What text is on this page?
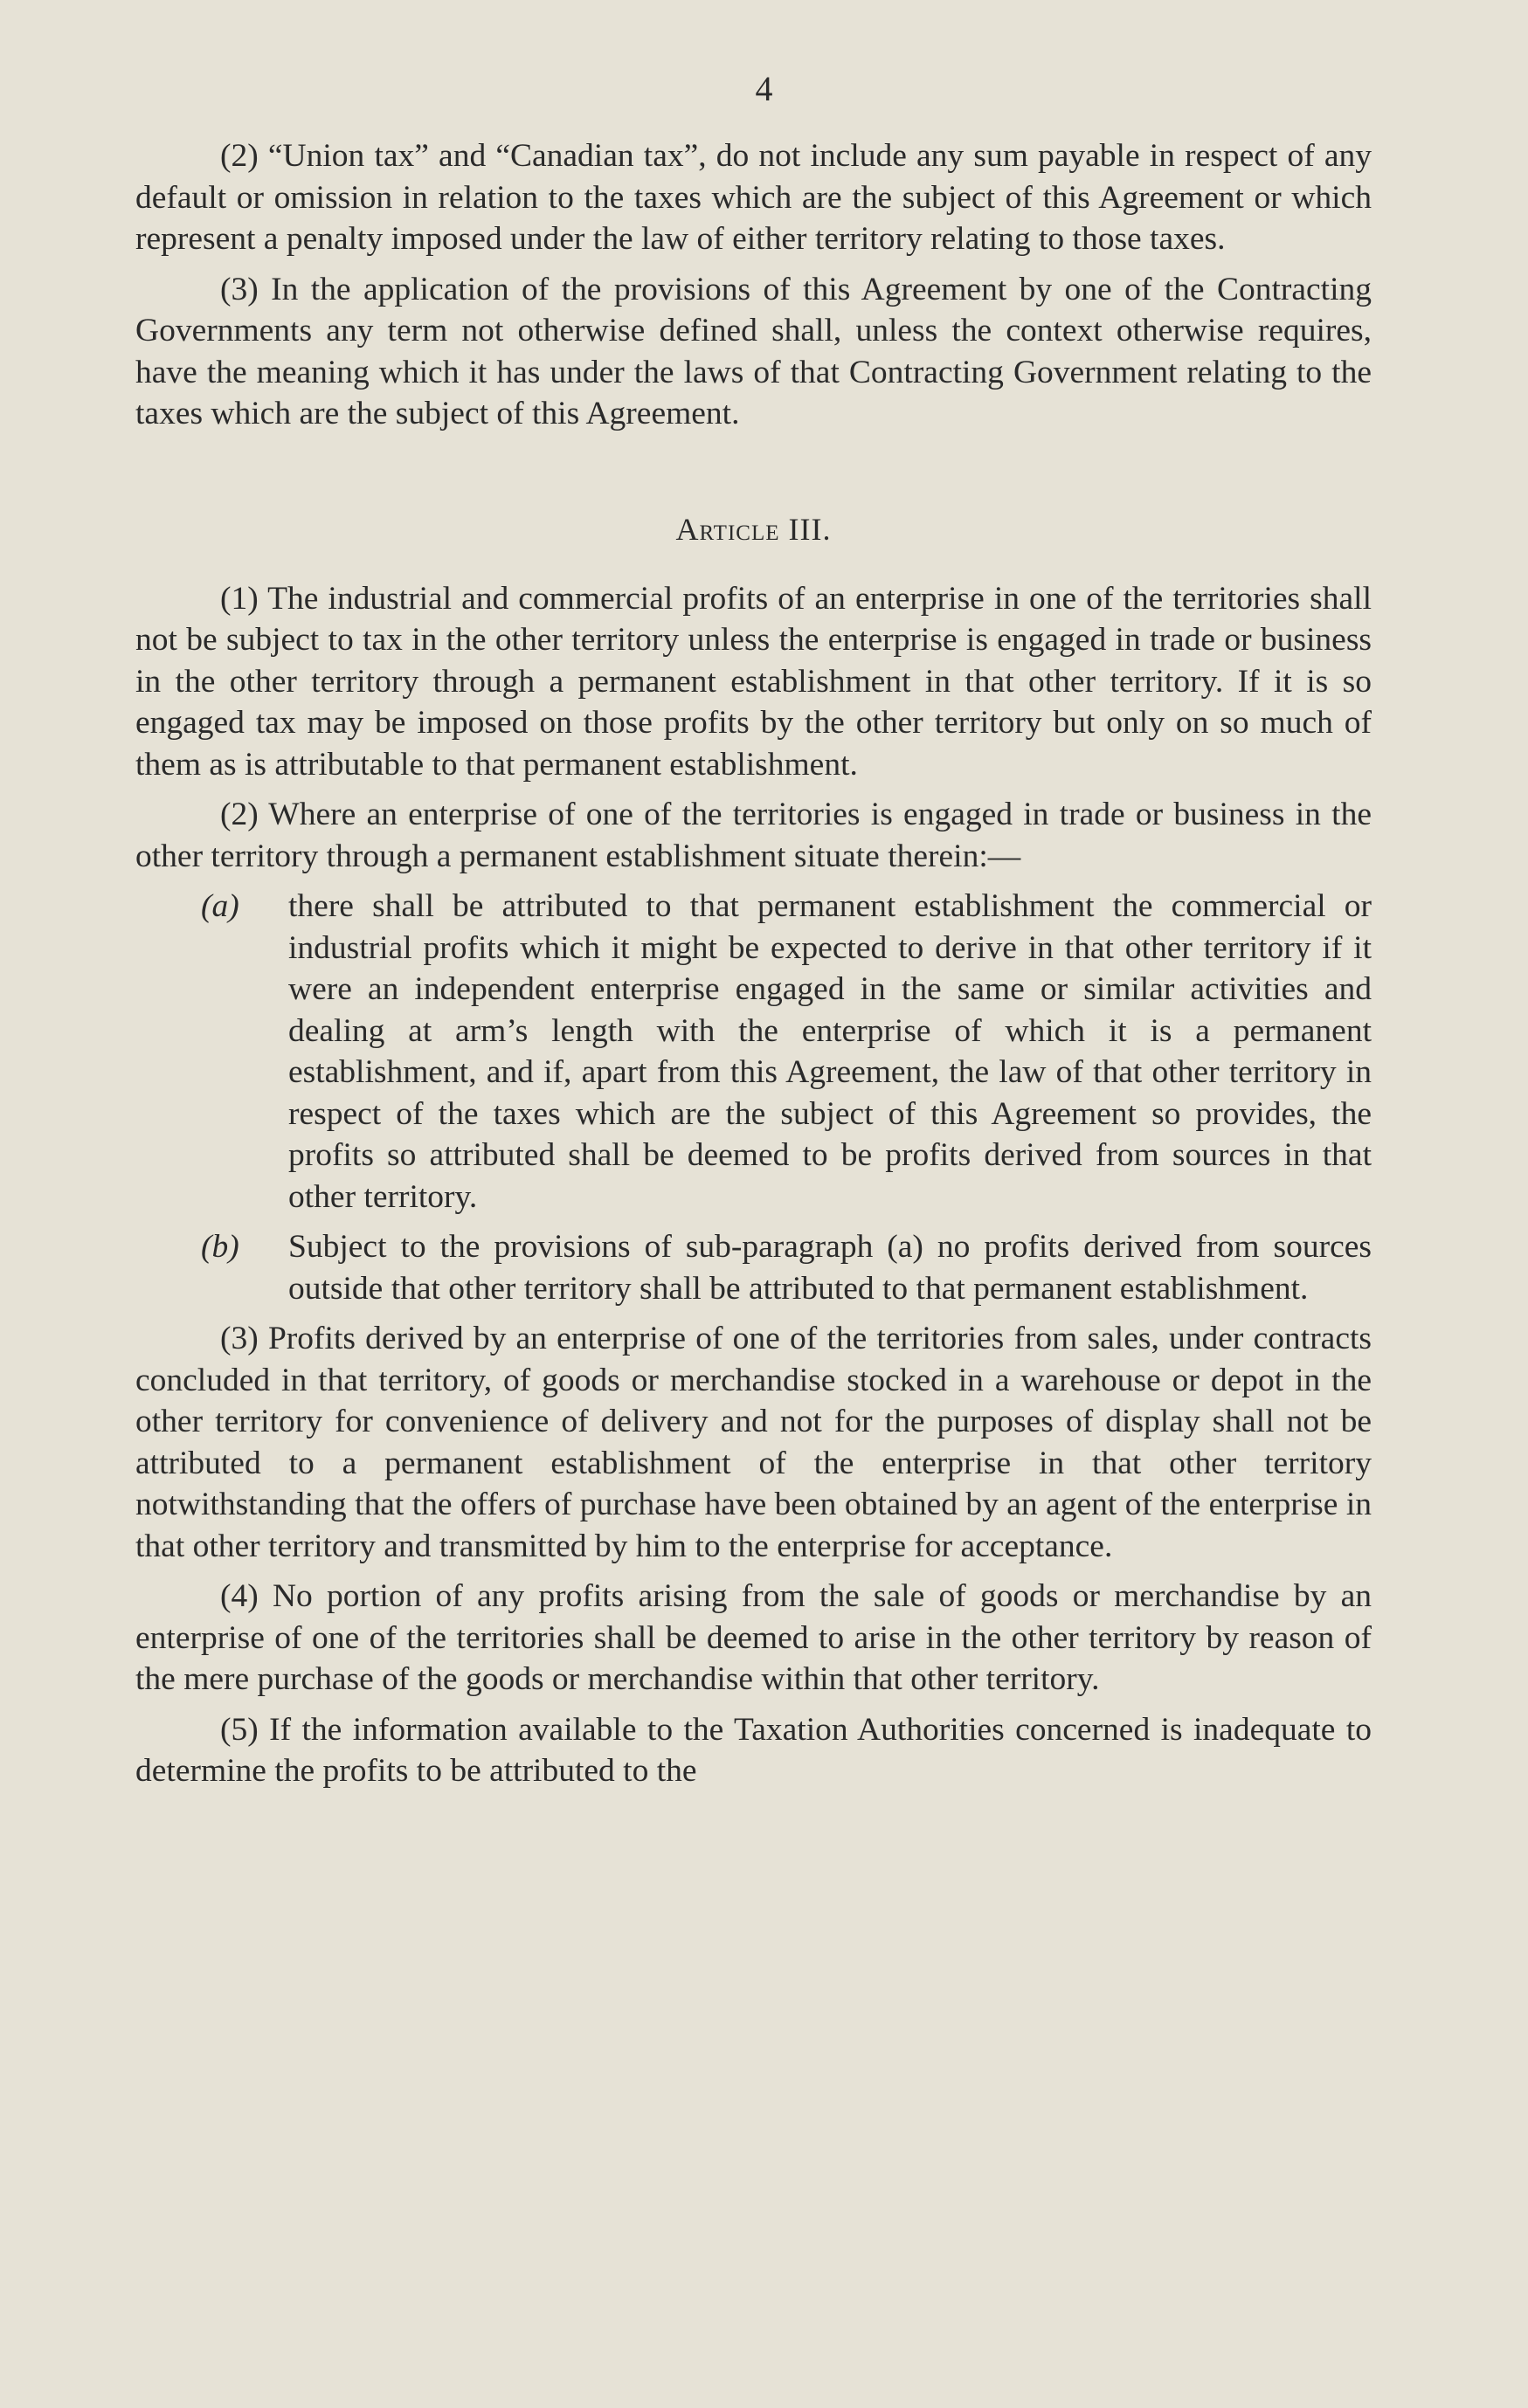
4

(2) “Union tax” and “Canadian tax”, do not include any sum payable in respect of any default or omission in relation to the taxes which are the subject of this Agreement or which represent a penalty imposed under the law of either territory relating to those taxes.

(3) In the application of the provisions of this Agreement by one of the Contracting Governments any term not otherwise defined shall, unless the context otherwise requires, have the meaning which it has under the laws of that Contracting Government relating to the taxes which are the subject of this Agreement.

Article III.

(1) The industrial and commercial profits of an enterprise in one of the territories shall not be subject to tax in the other territory unless the enterprise is engaged in trade or business in the other territory through a permanent establishment in that other territory. If it is so engaged tax may be imposed on those profits by the other territory but only on so much of them as is attributable to that permanent establishment.

(2) Where an enterprise of one of the territories is engaged in trade or business in the other territory through a permanent establishment situate therein:—

(a) there shall be attributed to that permanent establishment the commercial or industrial profits which it might be expected to derive in that other territory if it were an independent enterprise engaged in the same or similar activities and dealing at arm’s length with the enterprise of which it is a permanent establishment, and if, apart from this Agreement, the law of that other territory in respect of the taxes which are the subject of this Agreement so provides, the profits so attributed shall be deemed to be profits derived from sources in that other territory.
(b) Subject to the provisions of sub-paragraph (a) no profits derived from sources outside that other territory shall be attributed to that permanent establishment.

(3) Profits derived by an enterprise of one of the territories from sales, under contracts concluded in that territory, of goods or merchandise stocked in a warehouse or depot in the other territory for convenience of delivery and not for the purposes of display shall not be attributed to a permanent establishment of the enterprise in that other territory notwithstanding that the offers of purchase have been obtained by an agent of the enterprise in that other territory and transmitted by him to the enterprise for acceptance.

(4) No portion of any profits arising from the sale of goods or merchandise by an enterprise of one of the territories shall be deemed to arise in the other territory by reason of the mere purchase of the goods or merchandise within that other territory.

(5) If the information available to the Taxation Authorities concerned is inadequate to determine the profits to be attributed to the
